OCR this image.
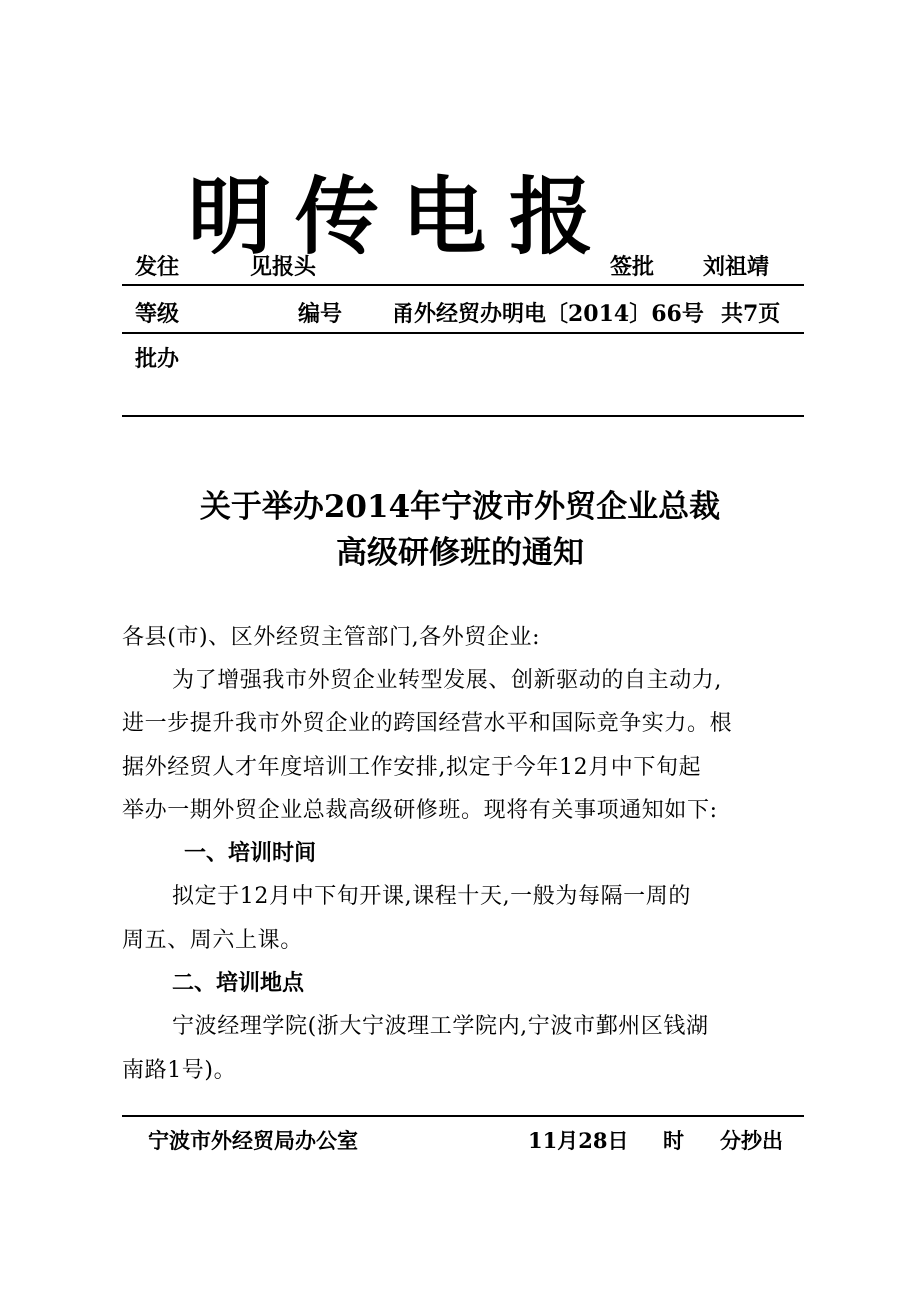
明 传 电 报
发往	见报头	签批 刘祖靖
等级	编号 甬外经贸办明电〔2014〕66号 共7页
批办
关于举办2014年宁波市外贸企业总裁
高级研修班的通知
各县(市)、区外经贸主管部门,各外贸企业:
为了增强我市外贸企业转型发展、创新驱动的自主动力,
进一步提升我市外贸企业的跨国经营水平和国际竞争实力。根
据外经贸人才年度培训工作安排,拟定于今年12月中下旬起
举办一期外贸企业总裁高级研修班。现将有关事项通知如下:
一、培训时间
拟定于12月中下旬开课,课程十天,一般为每隔一周的
周五、周六上课。
二、培训地点
宁波经理学院(浙大宁波理工学院内,宁波市鄞州区钱湖
南路1号)。
宁波市外经贸局办公室	11月28日 时 分抄出
